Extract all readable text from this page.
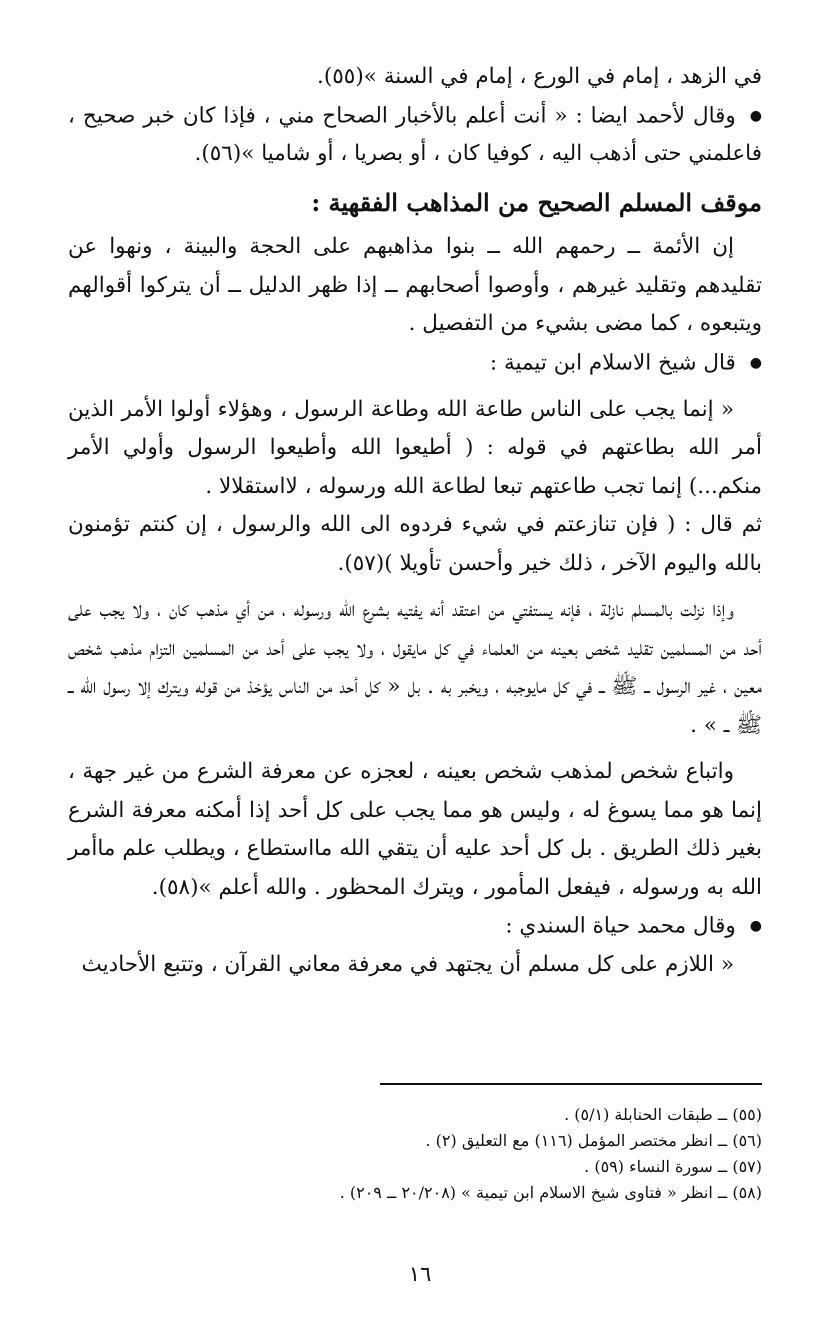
في الزهد ، إمام في الورع ، إمام في السنة »(٥٥).

● وقال لأحمد ايضا : « أنت أعلم بالأخبار الصحاح مني ، فإذا كان خبر صحيح ، فاعلمني حتى أذهب اليه ، كوفيا كان ، أو بصريا ، أو شاميا »(٥٦).

موقف المسلم الصحيح من المذاهب الفقهية :

إن الأئمة ــ رحمهم الله ــ بنوا مذاهبهم على الحجة والبينة ، ونهوا عن تقليدهم وتقليد غيرهم ، وأوصوا أصحابهم ــ إذا ظهر الدليل ــ أن يتركوا أقوالهم ويتبعوه ، كما مضى بشيء من التفصيل .

● قال شيخ الاسلام ابن تيمية :

« إنما يجب على الناس طاعة الله وطاعة الرسول ، وهؤلاء أولوا الأمر الذين أمر الله بطاعتهم في قوله : ( أطيعوا الله وأطيعوا الرسول وأولي الأمر منكم...) إنما تجب طاعتهم تبعا لطاعة الله ورسوله ، لااستقلالا .

ثم قال : ( فإن تنازعتم في شيء فردوه الى الله والرسول ، إن كنتم تؤمنون بالله واليوم الآخر ، ذلك خير وأحسن تأويلا )(٥٧).

وإذا نزلت بالمسلم نازلة ، فإنه يستفتي من اعتقد أنه يفتيه بشرع الله ورسوله ، من أي مذهب كان ، ولا يجب على أحد من المسلمين تقليد شخص بعينه من العلماء في كل مايقول ، ولا يجب على أحد من المسلمين التزام مذهب شخص معين ، غير الرسول ــ ﷺ ــ في كل مايوجبه ، ويخبر به . بل « كل أحد من الناس يؤخذ من قوله ويترك إلا رسول الله ــ ﷺ ــ » .

واتباع شخص لمذهب شخص بعينه ، لعجزه عن معرفة الشرع من غير جهة ، إنما هو مما يسوغ له ، وليس هو مما يجب على كل أحد إذا أمكنه معرفة الشرع بغير ذلك الطريق . بل كل أحد عليه أن يتقي الله مااستطاع ، ويطلب علم ماأمر الله به ورسوله ، فيفعل المأمور ، ويترك المحظور . والله أعلم »(٥٨).

● وقال محمد حياة السندي :

« اللازم على كل مسلم أن يجتهد في معرفة معاني القرآن ، وتتبع الأحاديث

(٥٥) ــ طبقات الحنابلة (٥/١) .

(٥٦) ــ انظر مختصر المؤمل (١١٦) مع التعليق (٢) .

(٥٧) ــ سورة النساء (٥٩) .

(٥٨) ــ انظر « فتاوى شيخ الاسلام ابن تيمية » (٢٠/٢٠٨ ــ ٢٠٩) .

١٦
